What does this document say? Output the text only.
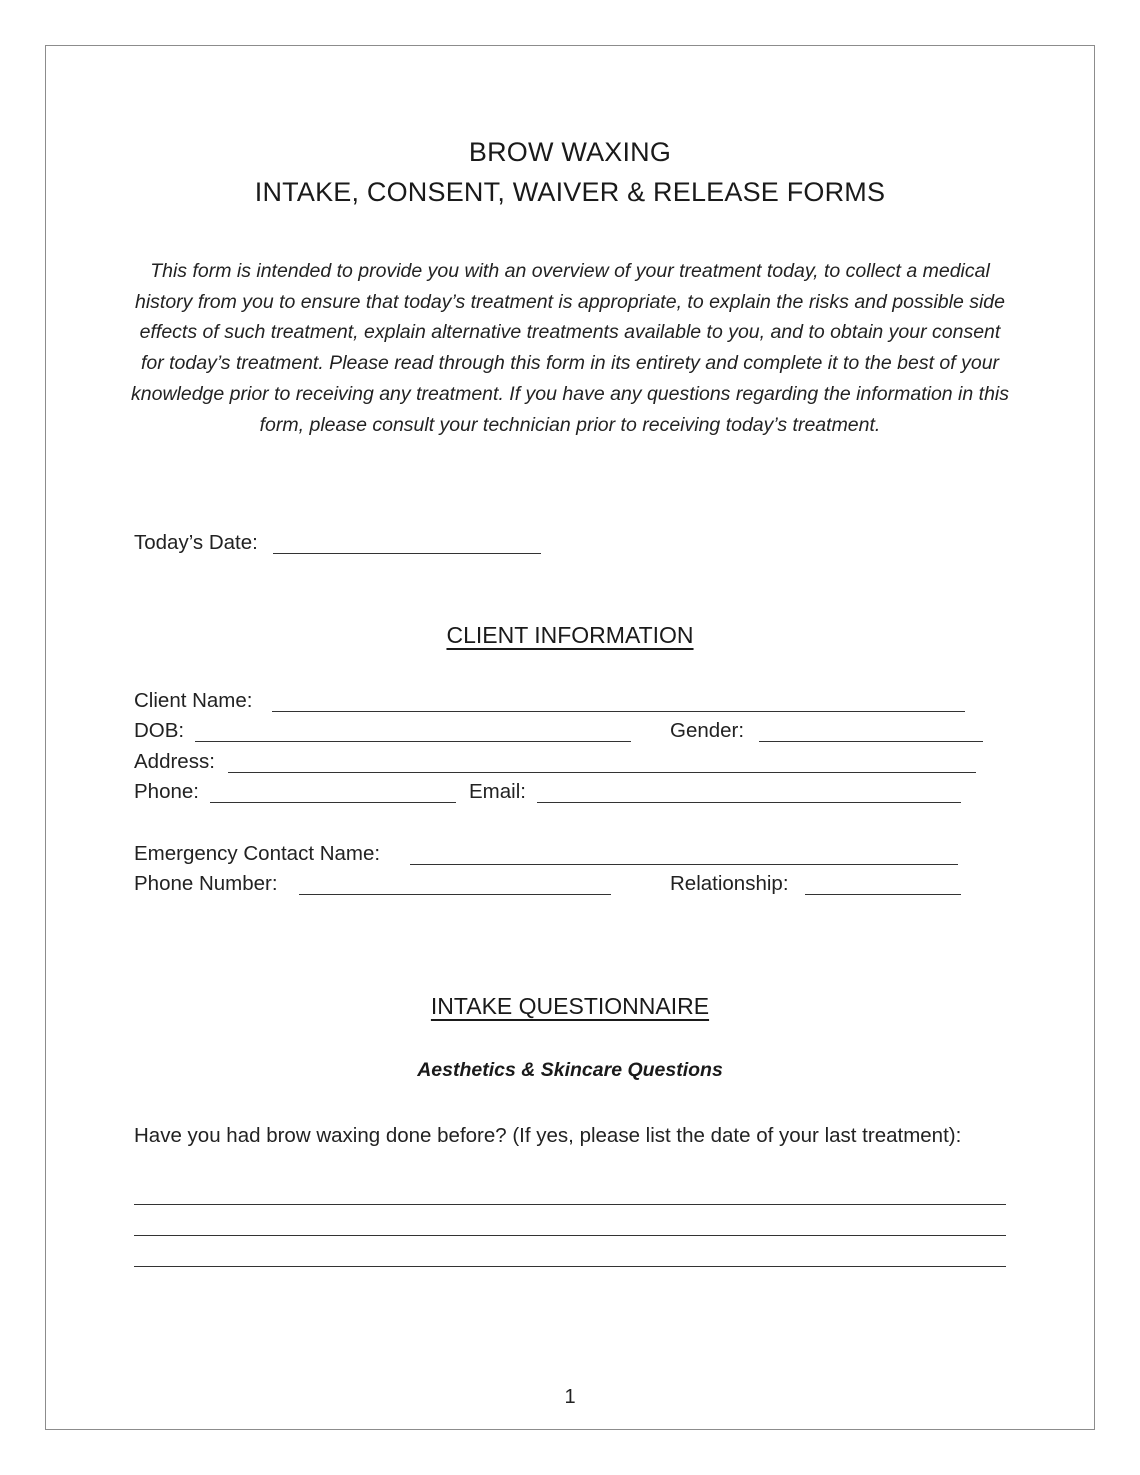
BROW WAXING
INTAKE, CONSENT, WAIVER & RELEASE FORMS
This form is intended to provide you with an overview of your treatment today, to collect a medical history from you to ensure that today’s treatment is appropriate, to explain the risks and possible side effects of such treatment, explain alternative treatments available to you, and to obtain your consent for today’s treatment. Please read through this form in its entirety and complete it to the best of your knowledge prior to receiving any treatment. If you have any questions regarding the information in this form, please consult your technician prior to receiving today’s treatment.
Today’s Date:
CLIENT INFORMATION
Client Name:
DOB:	Gender:
Address:
Phone:	Email:
Emergency Contact Name:
Phone Number:	Relationship:
INTAKE QUESTIONNAIRE
Aesthetics & Skincare Questions
Have you had brow waxing done before? (If yes, please list the date of your last treatment):
1
